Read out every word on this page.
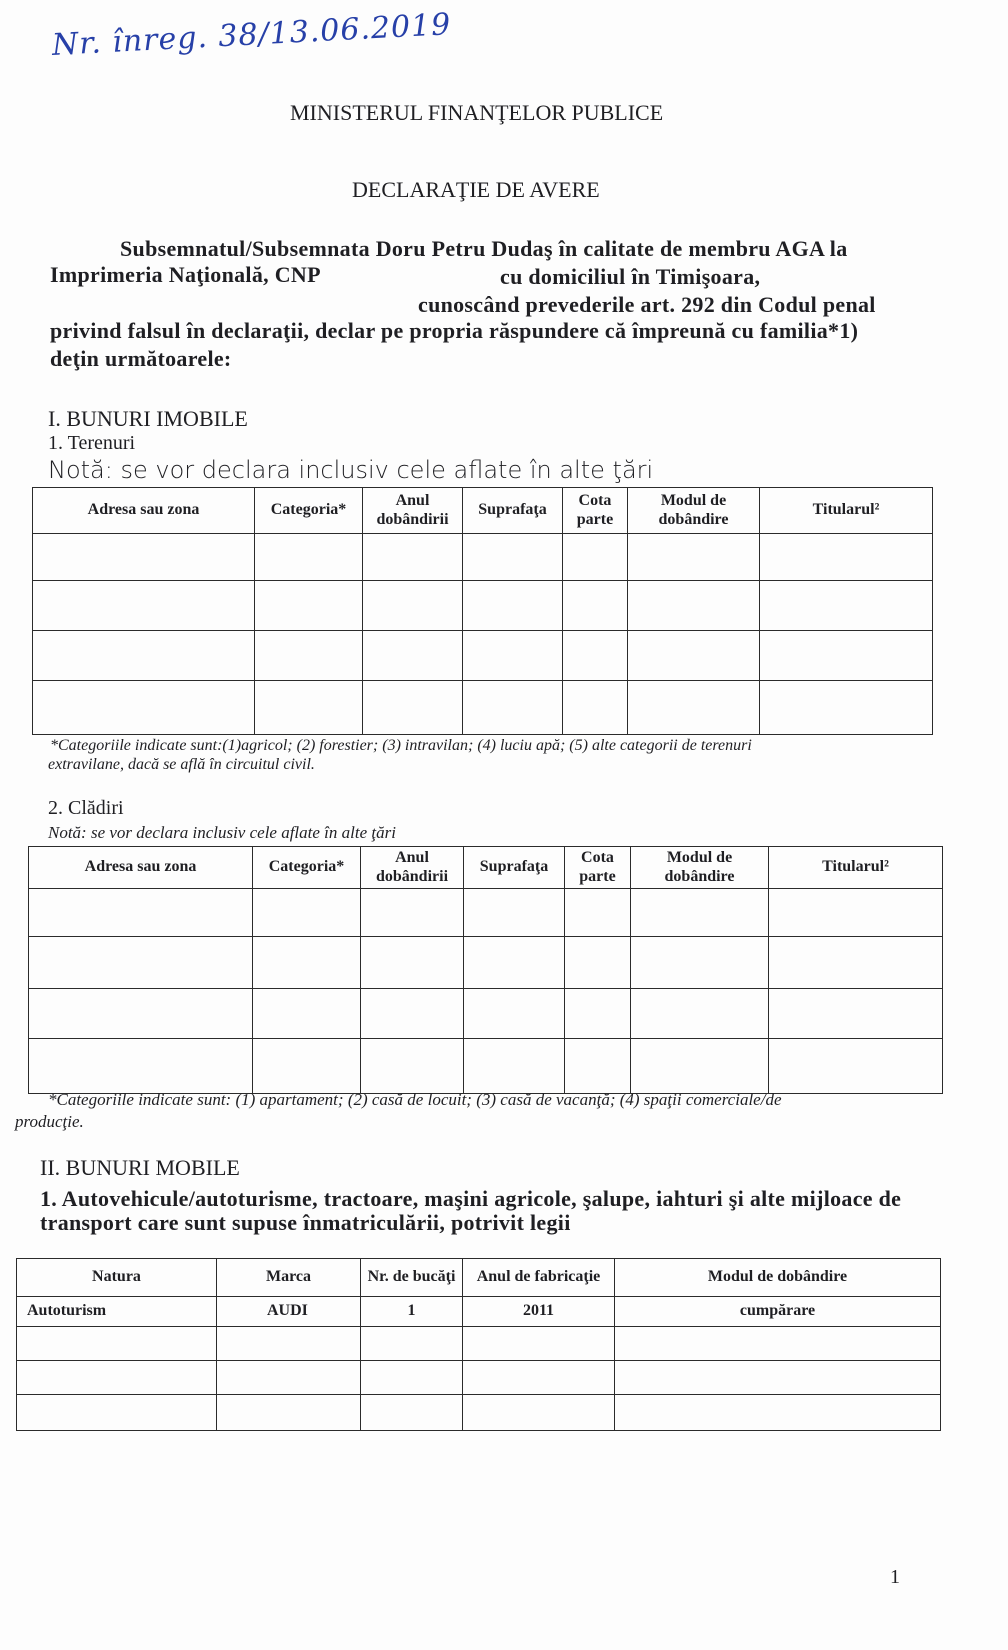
Nr. înreg. 38/13.06.2019
MINISTERUL FINANŢELOR PUBLICE
DECLARAŢIE DE AVERE
Subsemnatul/Subsemnata Doru Petru Dudaş în calitate de membru AGA la
Imprimeria Naţională, CNP	cu domiciliul în Timişoara,
cunoscând prevederile art. 292 din Codul penal
privind falsul în declaraţii, declar pe propria răspundere că împreună cu familia*1)
deţin următoarele:
I. BUNURI IMOBILE
1. Terenuri
Notă: se vor declara inclusiv cele aflate în alte ţări
Adresa sau zona	Categoria*	Anul dobândirii	Suprafaţa	Cota parte	Modul de dobândire	Titularul²

*Categoriile indicate sunt:(1)agricol; (2) forestier; (3) intravilan; (4) luciu apă; (5) alte categorii de terenuri
extravilane, dacă se află în circuitul civil.
2. Clădiri
Notă: se vor declara inclusiv cele aflate în alte ţări
Adresa sau zona	Categoria*	Anul dobândirii	Suprafaţa	Cota parte	Modul de dobândire	Titularul²

*Categoriile indicate sunt: (1) apartament; (2) casă de locuit; (3) casă de vacanţă; (4) spaţii comerciale/de
producţie.
II. BUNURI MOBILE
1. Autovehicule/autoturisme, tractoare, maşini agricole, şalupe, iahturi şi alte mijloace de
transport care sunt supuse înmatriculării, potrivit legii
Natura	Marca	Nr. de bucăţi	Anul de fabricaţie	Modul de dobândire
Autoturism	AUDI	1	2011	cumpărare

1
